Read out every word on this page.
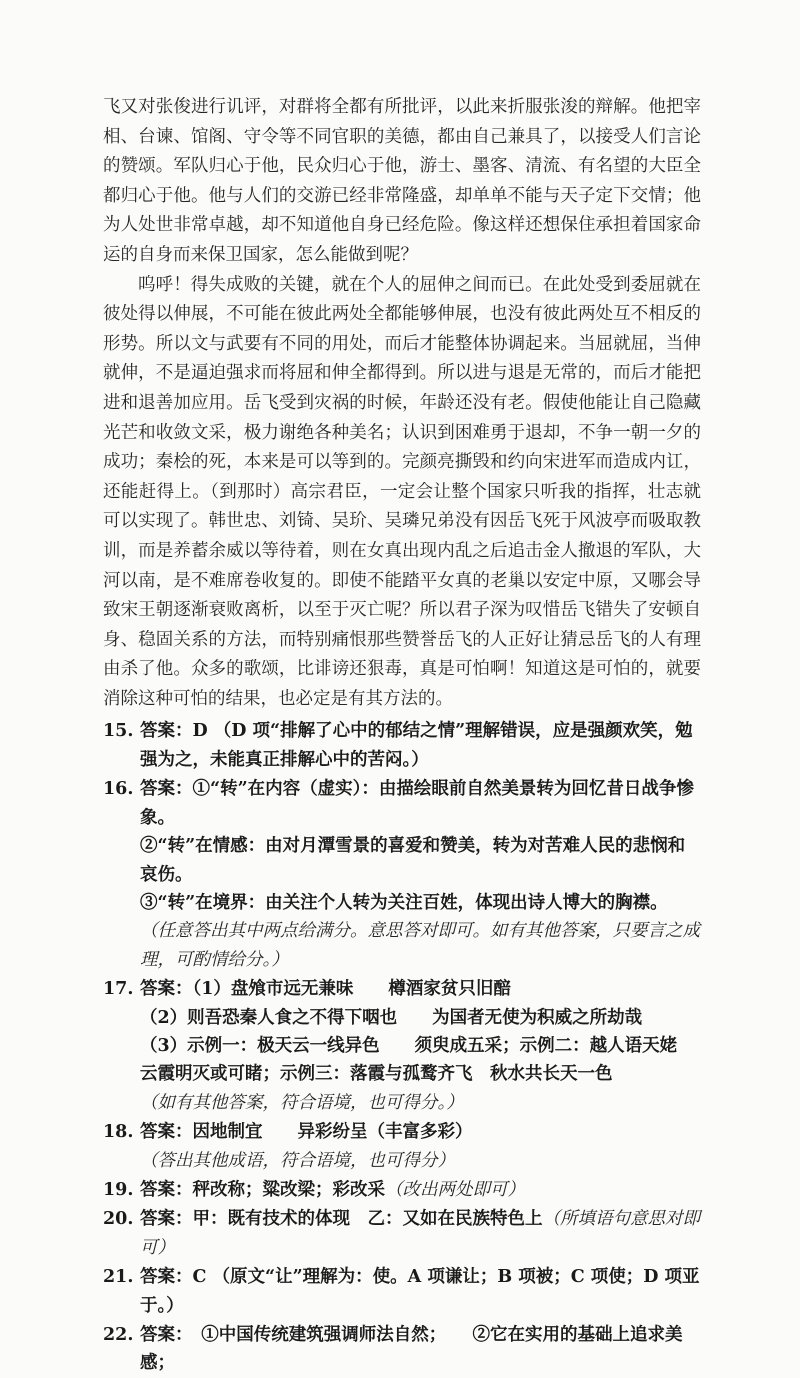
飞又对张俊进行讥评，对群将全都有所批评，以此来折服张浚的辩解。他把宰相、台谏、馆阁、守令等不同官职的美德，都由自己兼具了，以接受人们言论的赞颂。军队归心于他，民众归心于他，游士、墨客、清流、有名望的大臣全都归心于他。他与人们的交游已经非常隆盛，却单单不能与天子定下交情；他为人处世非常卓越，却不知道他自身已经危险。像这样还想保住承担着国家命运的自身而来保卫国家，怎么能做到呢？

呜呼！得失成败的关键，就在个人的屈伸之间而已。在此处受到委屈就在彼处得以伸展，不可能在彼此两处全都能够伸展，也没有彼此两处互不相反的形势。所以文与武要有不同的用处，而后才能整体协调起来。当屈就屈，当伸就伸，不是逼迫强求而将屈和伸全都得到。所以进与退是无常的，而后才能把进和退善加应用。岳飞受到灾祸的时候，年龄还没有老。假使他能让自己隐藏光芒和收敛文采，极力谢绝各种美名；认识到困难勇于退却，不争一朝一夕的成功；秦桧的死，本来是可以等到的。完颜亮撕毁和约向宋进军而造成内讧，还能赶得上。（到那时）高宗君臣，一定会让整个国家只听我的指挥，壮志就可以实现了。韩世忠、刘锜、吴玠、吴璘兄弟没有因岳飞死于风波亭而吸取教训，而是养蓄余威以等待着，则在女真出现内乱之后追击金人撤退的军队，大河以南，是不难席卷收复的。即使不能踏平女真的老巢以安定中原，又哪会导致宋王朝逐渐衰败离析，以至于灭亡呢？所以君子深为叹惜岳飞错失了安顿自身、稳固关系的方法，而特别痛恨那些赞誉岳飞的人正好让猜忌岳飞的人有理由杀了他。众多的歌颂，比诽谤还狠毒，真是可怕啊！知道这是可怕的，就要消除这种可怕的结果，也必定是有其方法的。

15. 答案：D （D 项“排解了心中的郁结之情”理解错误，应是强颜欢笑，勉强为之，未能真正排解心中的苦闷。）
16. 答案：①“转”在内容（虚实）：由描绘眼前自然美景转为回忆昔日战争惨象。
②“转”在情感：由对月潭雪景的喜爱和赞美，转为对苦难人民的悲悯和哀伤。
③“转”在境界：由关注个人转为关注百姓，体现出诗人博大的胸襟。
（任意答出其中两点给满分。意思答对即可。如有其他答案，只要言之成理，可酌情给分。）
17. 答案：（1）盘飧市远无兼味　　樽酒家贫只旧醅
（2）则吾恐秦人食之不得下咽也　　为国者无使为积威之所劫哉
（3）示例一：极天云一线异色　　须臾成五采；示例二：越人语天姥　　云霞明灭或可睹；示例三：落霞与孤鹜齐飞　秋水共长天一色
（如有其他答案，符合语境，也可得分。）
18. 答案：因地制宜　　异彩纷呈（丰富多彩）
（答出其他成语，符合语境，也可得分）
19. 答案：秤改称；粱改梁；彩改采（改出两处即可）
20. 答案：甲：既有技术的体现　乙：又如在民族特色上（所填语句意思对即可）
21. 答案：C （原文“让”理解为：使。A 项谦让；B 项被；C 项使；D 项亚于。）
22. 答案：　①中国传统建筑强调师法自然；　　②它在实用的基础上追求美感；
